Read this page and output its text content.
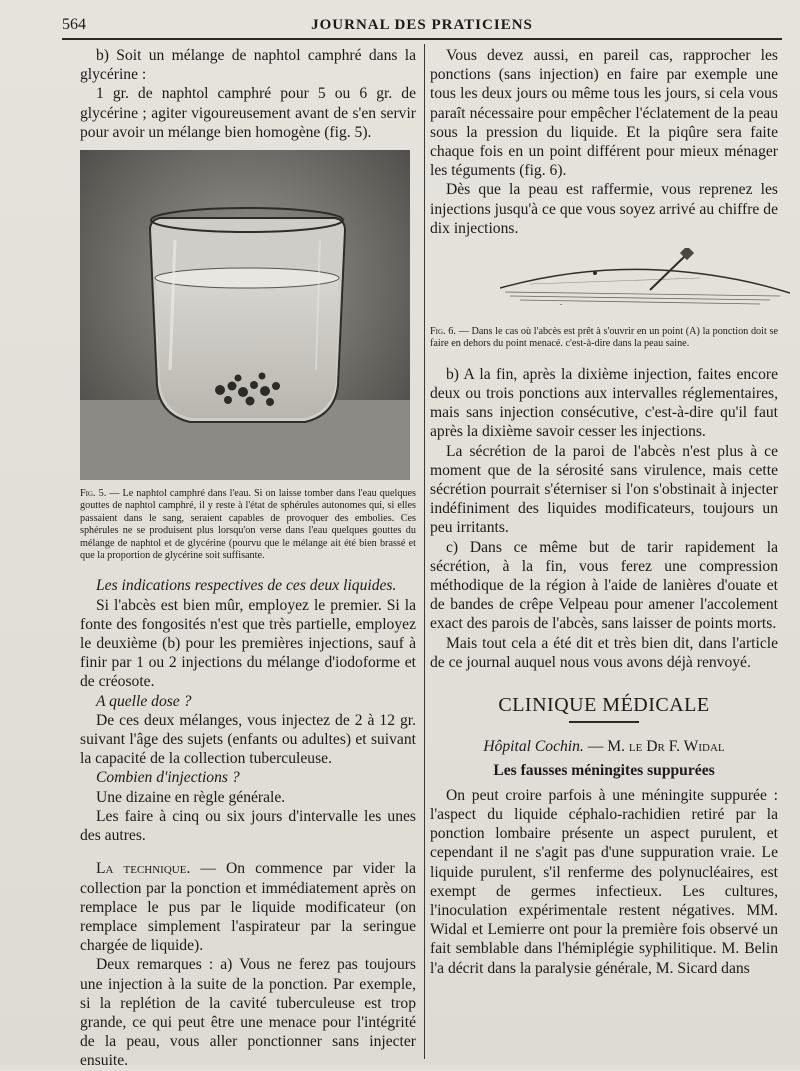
564	JOURNAL DES PRATICIENS

b) Soit un mélange de naphtol camphré dans la glycérine :

1 gr. de naphtol camphré pour 5 ou 6 gr. de glycérine ; agiter vigoureusement avant de s'en servir pour avoir un mélange bien homogène (fig. 5).

Fig. 5. — Le naphtol camphré dans l'eau. Si on laisse tomber dans l'eau quelques gouttes de naphtol camphré, il y reste à l'état de sphérules autonomes qui, si elles passaient dans le sang, seraient capables de provoquer des embolies. Ces sphérules ne se produisent plus lorsqu'on verse dans l'eau quelques gouttes du mélange de naphtol et de glycérine (pourvu que le mélange ait été bien brassé et que la proportion de glycérine soit suffisante.

Les indications respectives de ces deux liquides.

Si l'abcès est bien mûr, employez le premier. Si la fonte des fongosités n'est que très partielle, employez le deuxième (b) pour les premières injections, sauf à finir par 1 ou 2 injections du mélange d'iodoforme et de créosote.

A quelle dose ?

De ces deux mélanges, vous injectez de 2 à 12 gr. suivant l'âge des sujets (enfants ou adultes) et suivant la capacité de la collection tuberculeuse.

Combien d'injections ?

Une dizaine en règle générale.

Les faire à cinq ou six jours d'intervalle les unes des autres.

La technique. — On commence par vider la collection par la ponction et immédiatement après on remplace le pus par le liquide modificateur (on remplace simplement l'aspirateur par la seringue chargée de liquide).

Deux remarques : a) Vous ne ferez pas toujours une injection à la suite de la ponction. Par exemple, si la replétion de la cavité tuberculeuse est trop grande, ce qui peut être une menace pour l'intégrité de la peau, vous aller ponctionner sans injecter ensuite.

Vous devez aussi, en pareil cas, rapprocher les ponctions (sans injection) en faire par exemple une tous les deux jours ou même tous les jours, si cela vous paraît nécessaire pour empêcher l'éclatement de la peau sous la pression du liquide. Et la piqûre sera faite chaque fois en un point différent pour mieux ménager les téguments (fig. 6).

Dès que la peau est raffermie, vous reprenez les injections jusqu'à ce que vous soyez arrivé au chiffre de dix injections.

-

Fig. 6. — Dans le cas où l'abcès est prêt à s'ouvrir en un point (A) la ponction doit se faire en dehors du point menacé. c'est-à-dire dans la peau saine.

b) A la fin, après la dixième injection, faites encore deux ou trois ponctions aux intervalles réglementaires, mais sans injection consécutive, c'est-à-dire qu'il faut après la dixième savoir cesser les injections.

La sécrétion de la paroi de l'abcès n'est plus à ce moment que de la sérosité sans virulence, mais cette sécrétion pourrait s'éterniser si l'on s'obstinait à injecter indéfiniment des liquides modificateurs, toujours un peu irritants.

c) Dans ce même but de tarir rapidement la sécrétion, à la fin, vous ferez une compression méthodique de la région à l'aide de lanières d'ouate et de bandes de crêpe Velpeau pour amener l'accolement exact des parois de l'abcès, sans laisser de points morts.

Mais tout cela a été dit et très bien dit, dans l'article de ce journal auquel nous vous avons déjà renvoyé.

CLINIQUE MÉDICALE
Hôpital Cochin. — M. le Dr F. Widal
Les fausses méningites suppurées

On peut croire parfois à une méningite suppurée : l'aspect du liquide céphalo-rachidien retiré par la ponction lombaire présente un aspect purulent, et cependant il ne s'agit pas d'une suppuration vraie. Le liquide purulent, s'il renferme des polynucléaires, est exempt de germes infectieux. Les cultures, l'inoculation expérimentale restent négatives. MM. Widal et Lemierre ont pour la première fois observé un fait semblable dans l'hémiplégie syphilitique. M. Belin l'a décrit dans la paralysie générale, M. Sicard dans
